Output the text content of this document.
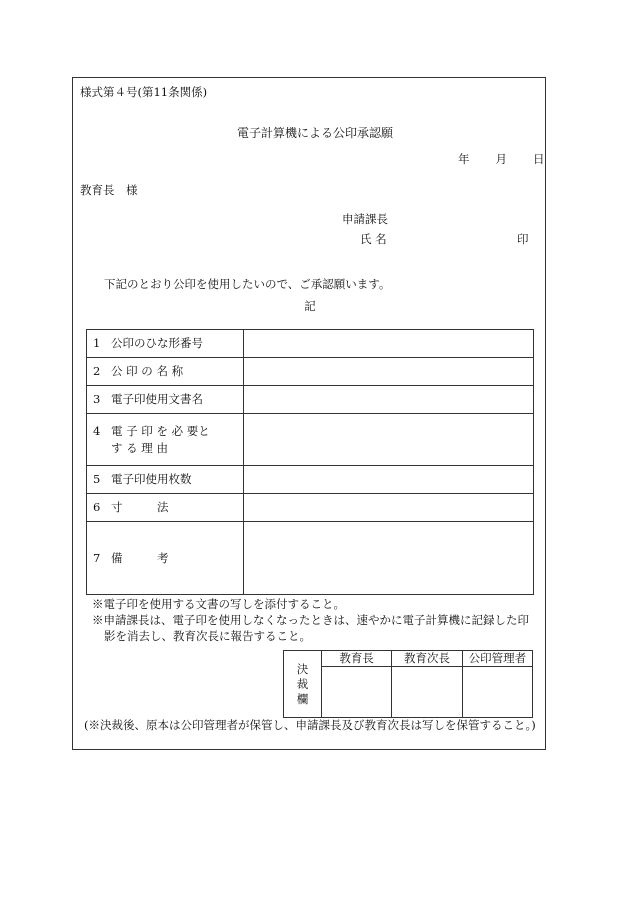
様式第４号(第11条関係)
電子計算機による公印承認願
年 月 日
教育長　様
申請課長
氏 名	印
下記のとおり公印を使用したいので、ご承認願います。
記
1 公印のひな形番号	
2 公 印 の 名 称	
3 電子印使用文書名	
4 電 子 印 を 必 要と
す る 理 由	
5 電子印使用枚数	
6 寸　　　法	
7 備　　　考	
※電子印を使用する文書の写しを添付すること。
※申請課長は、電子印を使用しなくなったときは、速やかに電子計算機に記録した印
影を消去し、教育次長に報告すること。
決
裁
欄	教育長	教育次長	公印管理者

(※決裁後、原本は公印管理者が保管し、申請課長及び教育次長は写しを保管すること。)
